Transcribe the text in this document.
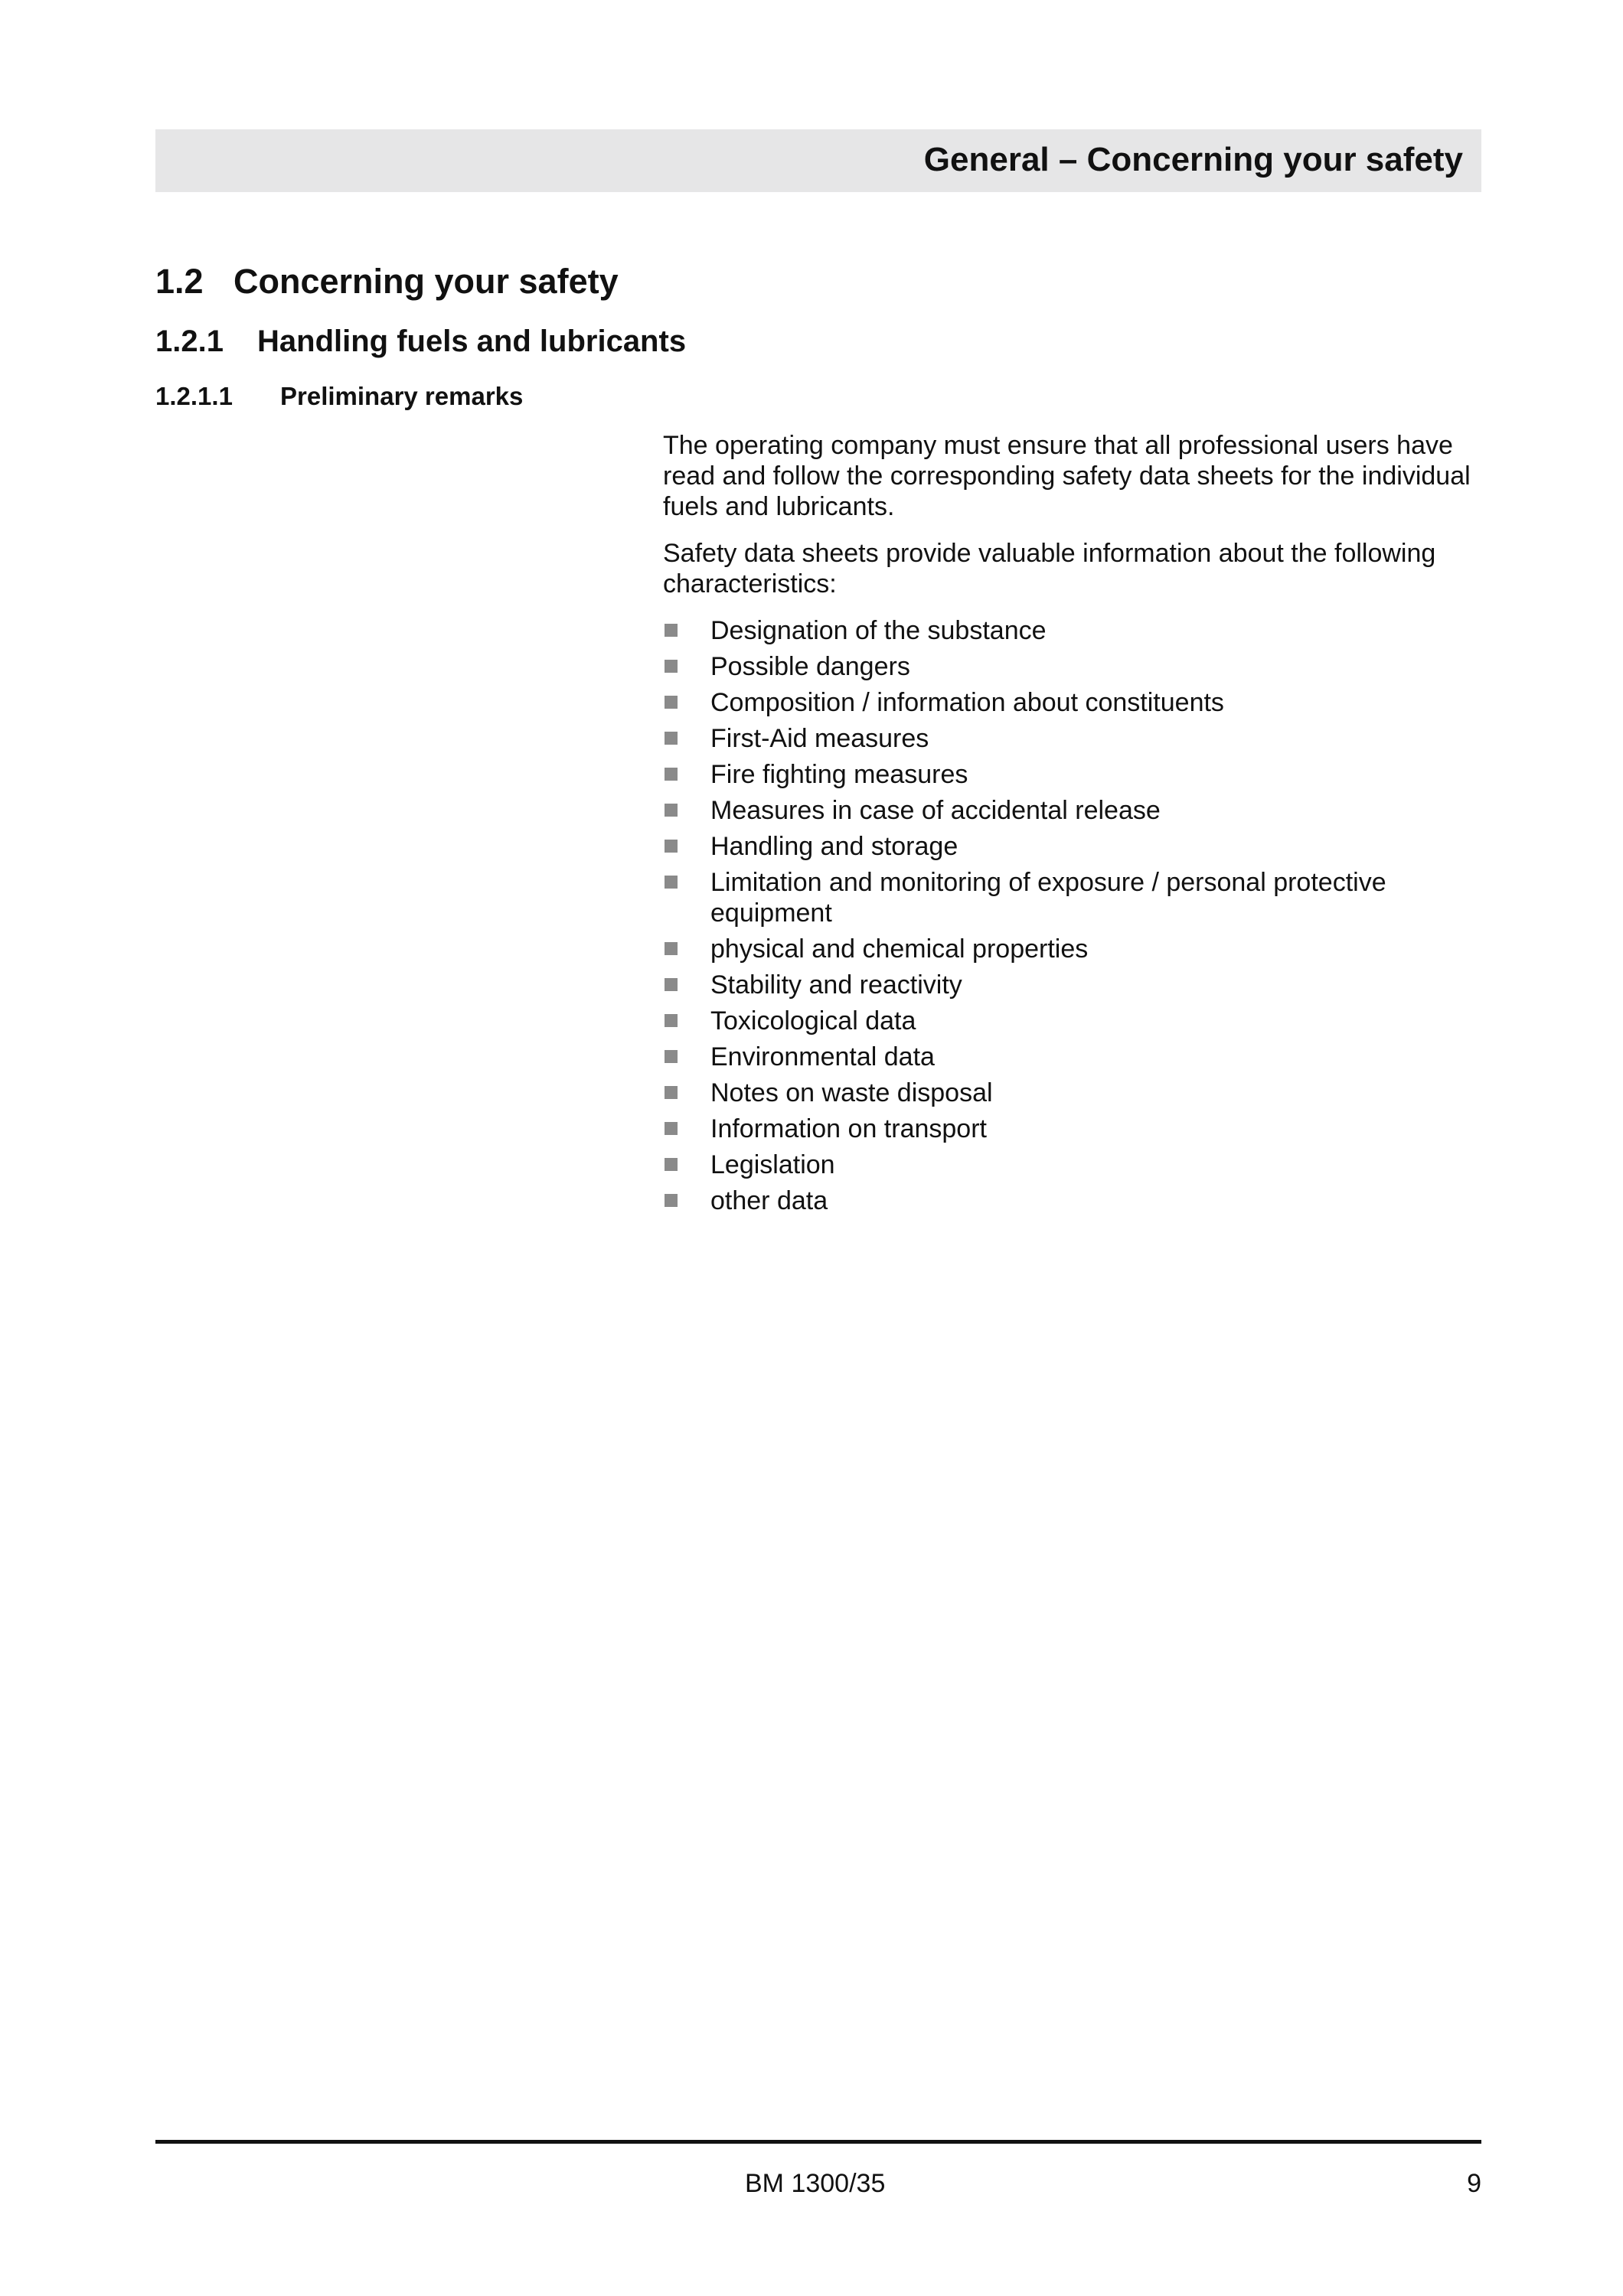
General – Concerning your safety
1.2 Concerning your safety
1.2.1 Handling fuels and lubricants
1.2.1.1 Preliminary remarks

The operating company must ensure that all professional users have read and follow the corresponding safety data sheets for the individual fuels and lubricants.

Safety data sheets provide valuable information about the following characteristics:

Designation of the substance
Possible dangers
Composition / information about constituents
First-Aid measures
Fire fighting measures
Measures in case of accidental release
Handling and storage
Limitation and monitoring of exposure / personal protective equipment
physical and chemical properties
Stability and reactivity
Toxicological data
Environmental data
Notes on waste disposal
Information on transport
Legislation
other data
BM 1300/35	9
